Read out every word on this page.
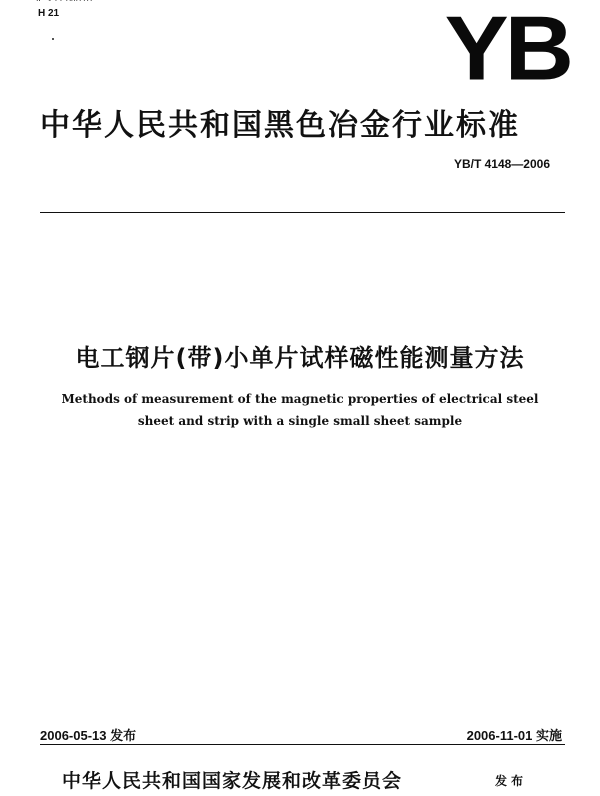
H 21	YB
中华人民共和国黑色冶金行业标准
YB/T 4148—2006
电工钢片(带)小单片试样磁性能测量方法
Methods of measurement of the magnetic properties of electrical steel
sheet and strip with a single small sheet sample
2006-05-13 发布	2006-11-01 实施
中华人民共和国国家发展和改革委员会	发布
